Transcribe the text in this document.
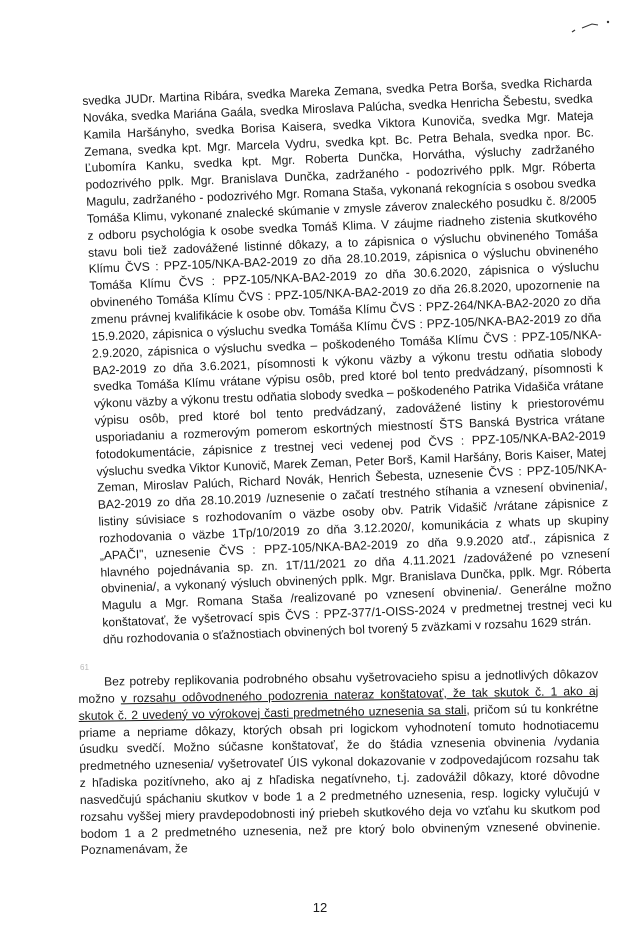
61
svedka JUDr. Martina Ribára, svedka Mareka Zemana, svedka Petra Borša, svedka Richarda Nováka, svedka Mariána Gaála, svedka Miroslava Palúcha, svedka Henricha Šebestu, svedka Kamila Haršányho, svedka Borisa Kaisera, svedka Viktora Kunoviča, svedka Mgr. Mateja Zemana, svedka kpt. Mgr. Marcela Vydru, svedka kpt. Bc. Petra Behala, svedka npor. Bc. Ľubomíra Kanku, svedka kpt. Mgr. Roberta Dunčka, Horvátha, výsluchy zadržaného podozrivého pplk. Mgr. Branislava Dunčka, zadržaného - podozrivého pplk. Mgr. Róberta Magulu, zadržaného - podozrivého Mgr. Romana Staša, vykonaná rekognícia s osobou svedka Tomáša Klimu, vykonané znalecké skúmanie v zmysle záverov znaleckého posudku č. 8/2005 z odboru psychológia k osobe svedka Tomáš Klima. V záujme riadneho zistenia skutkového stavu boli tiež zadovážené listinné dôkazy, a to zápisnica o výsluchu obvineného Tomáša Klímu ČVS : PPZ-105/NKA-BA2-2019 zo dňa 28.10.2019, zápisnica o výsluchu obvineného Tomáša Klímu ČVS : PPZ-105/NKA-BA2-2019 zo dňa 30.6.2020, zápisnica o výsluchu obvineného Tomáša Klímu ČVS : PPZ-105/NKA-BA2-2019 zo dňa 26.8.2020, upozornenie na zmenu právnej kvalifikácie k osobe obv. Tomáša Klímu ČVS : PPZ-264/NKA-BA2-2020 zo dňa 15.9.2020, zápisnica o výsluchu svedka Tomáša Klímu ČVS : PPZ-105/NKA-BA2-2019 zo dňa 2.9.2020, zápisnica o výsluchu svedka – poškodeného Tomáša Klímu ČVS : PPZ-105/NKA-BA2-2019 zo dňa 3.6.2021, písomnosti k výkonu väzby a výkonu trestu odňatia slobody svedka Tomáša Klímu vrátane výpisu osôb, pred ktoré bol tento predvádzaný, písomnosti k výkonu väzby a výkonu trestu odňatia slobody svedka – poškodeného Patrika Vidašiča vrátane výpisu osôb, pred ktoré bol tento predvádzaný, zadovážené listiny k priestorovému usporiadaniu a rozmerovým pomerom eskortných miestností ŠTS Banská Bystrica vrátane fotodokumentácie, zápisnice z trestnej veci vedenej pod ČVS : PPZ-105/NKA-BA2-2019 výsluchu svedka Viktor Kunovič, Marek Zeman, Peter Borš, Kamil Haršány, Boris Kaiser, Matej Zeman, Miroslav Palúch, Richard Novák, Henrich Šebesta, uznesenie ČVS : PPZ-105/NKA-BA2-2019 zo dňa 28.10.2019 /uznesenie o začatí trestného stíhania a vznesení obvinenia/, listiny súvisiace s rozhodovaním o väzbe osoby obv. Patrik Vidašič /vrátane zápisnice z rozhodovania o väzbe 1Tp/10/2019 zo dňa 3.12.2020/, komunikácia z whats up skupiny „APAČI", uznesenie ČVS : PPZ-105/NKA-BA2-2019 zo dňa 9.9.2020 atď., zápisnica z hlavného pojednávania sp. zn. 1T/11/2021 zo dňa 4.11.2021 /zadovážené po vznesení obvinenia/, a vykonaný výsluch obvinených pplk. Mgr. Branislava Dunčka, pplk. Mgr. Róberta Magulu a Mgr. Romana Staša /realizované po vznesení obvinenia/. Generálne možno konštatovať, že vyšetrovací spis ČVS : PPZ-377/1-OISS-2024 v predmetnej trestnej veci ku dňu rozhodovania o sťažnostiach obvinených bol tvorený 5 zväzkami v rozsahu 1629 strán.
Bez potreby replikovania podrobného obsahu vyšetrovacieho spisu a jednotlivých dôkazov možno v rozsahu odôvodneného podozrenia nateraz konštatovať, že tak skutok č. 1 ako aj skutok č. 2 uvedený vo výrokovej časti predmetného uznesenia sa stali, pričom sú tu konkrétne priame a nepriame dôkazy, ktorých obsah pri logickom vyhodnotení tomuto hodnotiacemu úsudku svedčí. Možno súčasne konštatovať, že do štádia vznesenia obvinenia /vydania predmetného uznesenia/ vyšetrovateľ ÚIS vykonal dokazovanie v zodpovedajúcom rozsahu tak z hľadiska pozitívneho, ako aj z hľadiska negatívneho, t.j. zadovážil dôkazy, ktoré dôvodne nasvedčujú spáchaniu skutkov v bode 1 a 2 predmetného uznesenia, resp. logicky vylučujú v rozsahu vyššej miery pravdepodobnosti iný priebeh skutkového deja vo vzťahu ku skutkom pod bodom 1 a 2 predmetného uznesenia, než pre ktorý bolo obvineným vznesené obvinenie. Poznamenávam, že
12
